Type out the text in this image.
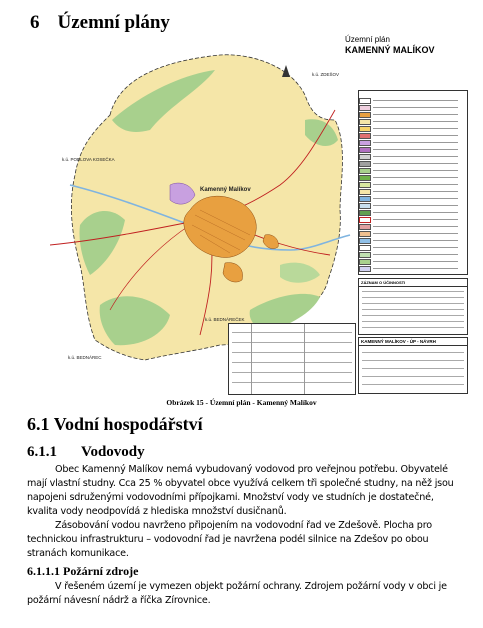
6 Územní plány
k.ú. ZDEŠOV
k.ú. PODLOVA KOSEČKA
Kamenný Malíkov
k.ú. BEDNÁREČEK
k.ú. BEDNÁREC
Územní plán
KAMENNÝ MALÍKOV
ZÁZNAM O ÚČINNOSTI
KAMENNÝ MALÍKOV - ÚP - NÁVRH
Obrázek 15 - Územní plán - Kamenný Malíkov
6.1 Vodní hospodářství
6.1.1 Vodovody

Obec Kamenný Malíkov nemá vybudovaný vodovod pro veřejnou potřebu. Obyvatelé mají vlastní studny. Cca 25 % obyvatel obce využívá celkem tři společné studny, na něž jsou napojeni sdruženými vodovodními přípojkami. Množství vody ve studních je dostatečné, kvalita vody neodpovídá z hlediska množství dusičnanů.

Zásobování vodou navrženo připojením na vodovodní řad ve Zdešově. Plocha pro technickou infrastrukturu – vodovodní řad je navržena podél silnice na Zdešov po obou stranách komunikace.

6.1.1.1 Požární zdroje

V řešeném území je vymezen objekt požární ochrany. Zdrojem požární vody v obci je požární návesní nádrž a říčka Zírovnice.
